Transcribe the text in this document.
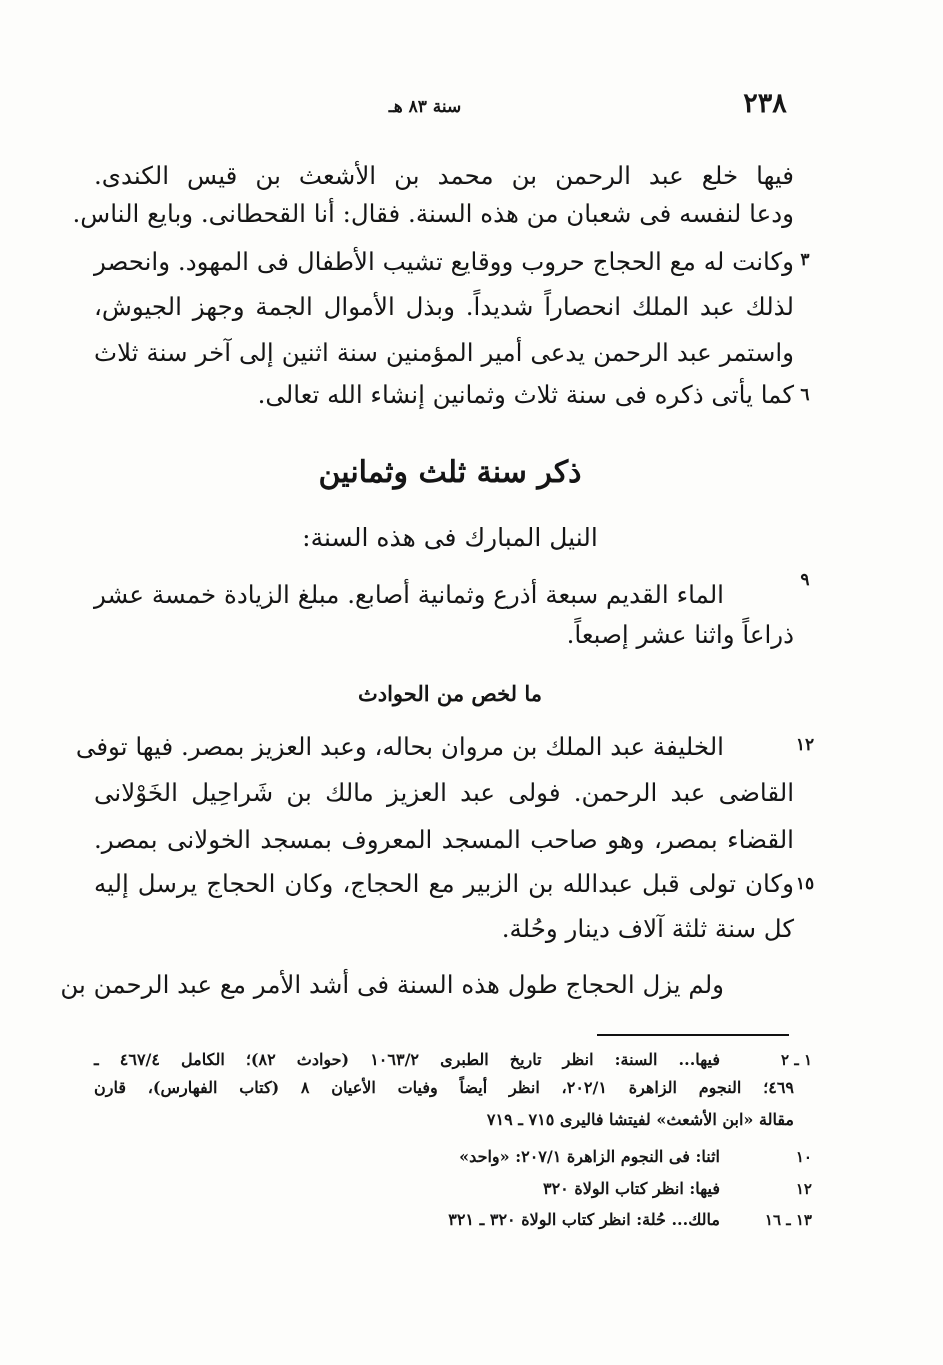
٢٣٨
سنة ٨٣ هـ
فيها خلع عبد الرحمن بن محمد بن الأشعث بن قيس الكندى.
ودعا لنفسه فى شعبان من هذه السنة. فقال: أنا القحطانى. وبايع الناس.
وكانت له مع الحجاج حروب ووقايع تشيب الأطفال فى المهود. وانحصر ٣
لذلك عبد الملك انحصاراً شديداً. وبذل الأموال الجمة وجهز الجيوش،
واستمر عبد الرحمن يدعى أمير المؤمنين سنة اثنين إلى آخر سنة ثلاث
كما يأتى ذكره فى سنة ثلاث وثمانين إنشاء الله تعالى. ٦
ذكر سنة ثلث وثمانين
النيل المبارك فى هذه السنة:
الماء القديم سبعة أذرع وثمانية أصابع. مبلغ الزيادة خمسة عشر	٩
ذراعاً واثنا عشر إصبعاً.
ما لخص من الحوادث
الخليفة عبد الملك بن مروان بحاله، وعبد العزيز بمصر. فيها توفى	١٢
القاضى عبد الرحمن. فولى عبد العزيز مالك بن شَراحِيل الخَوْلانى
القضاء بمصر، وهو صاحب المسجد المعروف بمسجد الخولانى بمصر.
وكان تولى قبل عبدالله بن الزبير مع الحجاج، وكان الحجاج يرسل إليه ١٥
كل سنة ثلثة آلاف دينار وحُلة.
ولم يزل الحجاج طول هذه السنة فى أشد الأمر مع عبد الرحمن بن
١ ـ ٢
فيها... السنة: انظر تاريخ الطبرى ١٠٦٣/٢ (حوادث ٨٢)؛ الكامل ٤٦٧/٤ ـ
٤٦٩؛ النجوم الزاهرة ٢٠٢/١، انظر أيضاً وفيات الأعيان ٨ (كتاب الفهارس)، قارن
مقالة «ابن الأشعث» لفيتشا فاليرى ٧١٥ ـ ٧١٩
١٠
اثنا: فى النجوم الزاهرة ٢٠٧/١: «واحد»
١٢
فيها: انظر كتاب الولاة ٣٢٠
١٣ ـ ١٦
مالك... حُلة: انظر كتاب الولاة ٣٢٠ ـ ٣٢١
